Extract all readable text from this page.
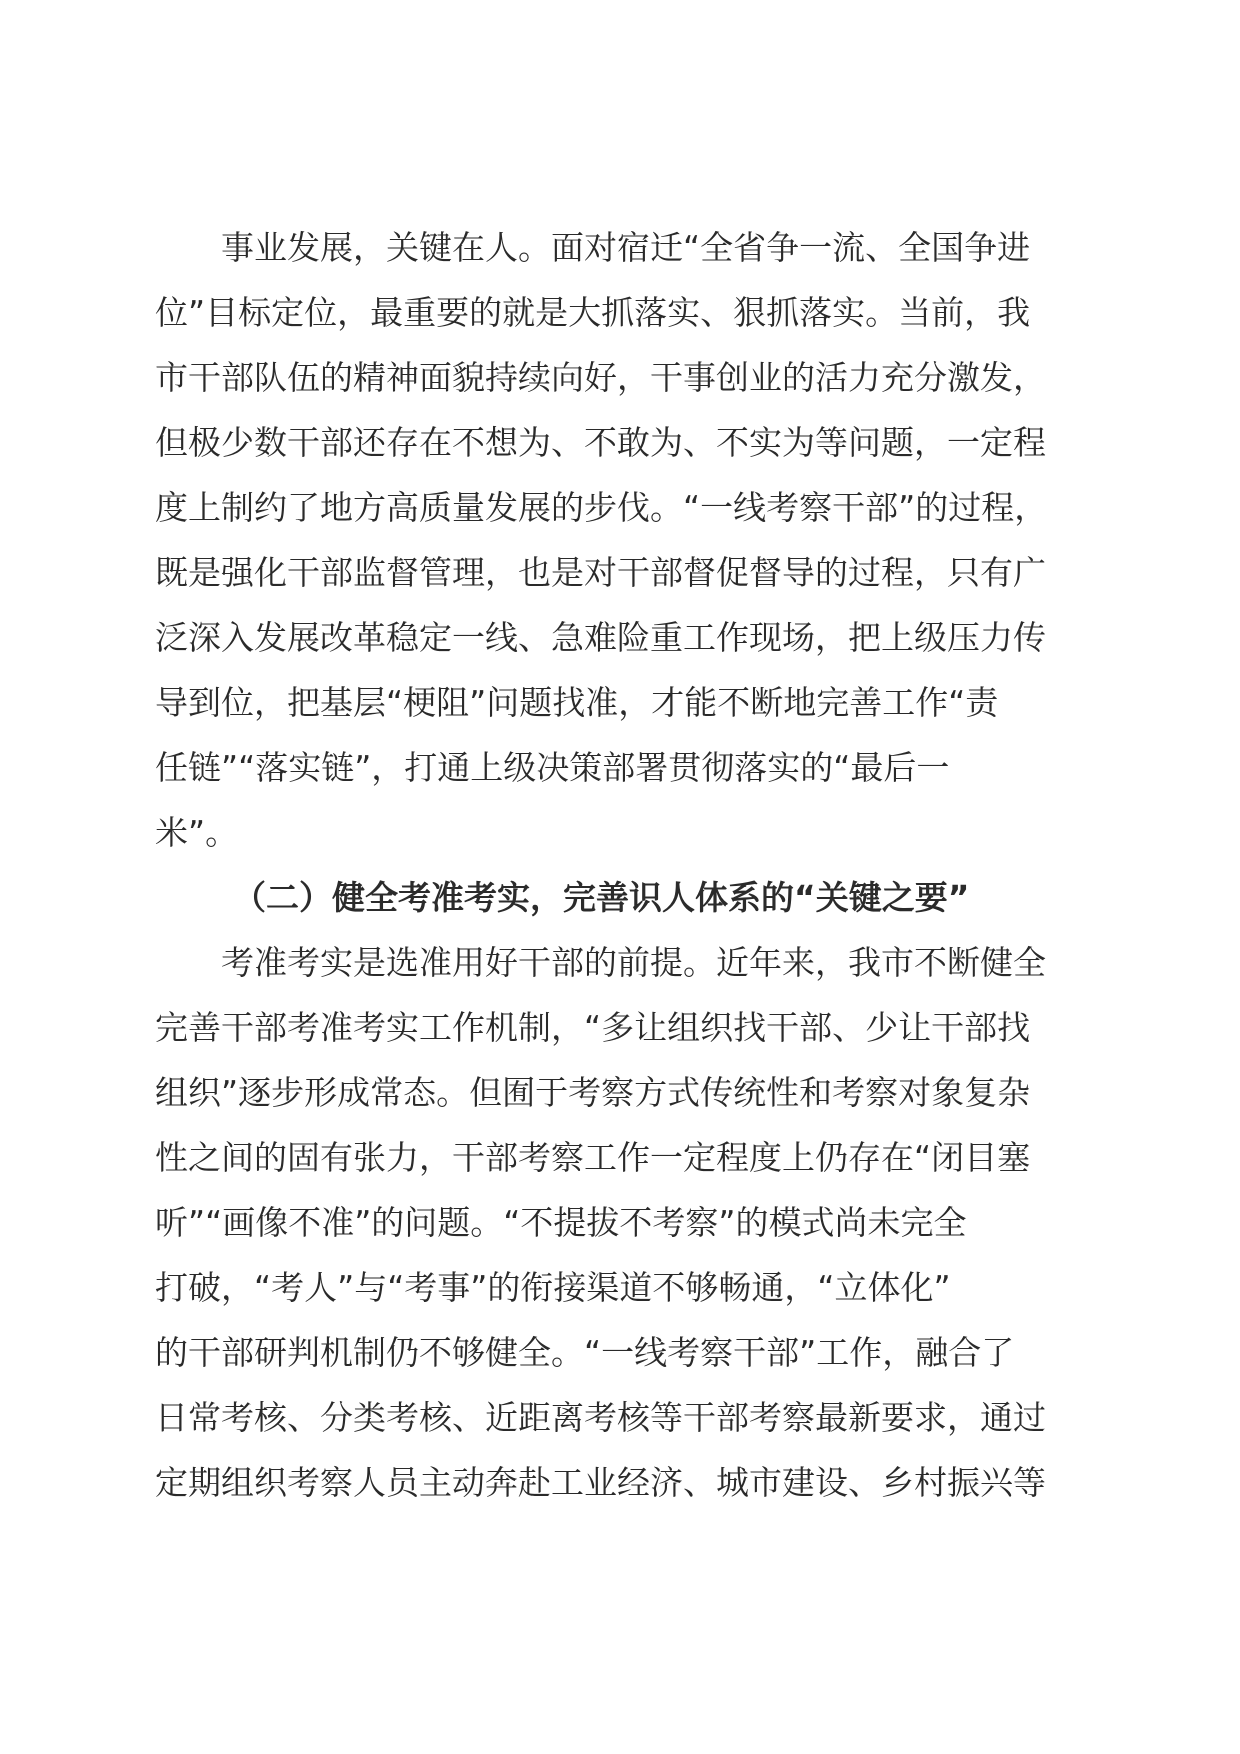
事业发展，关键在人。面对宿迁“全省争一流、全国争进
位”目标定位，最重要的就是大抓落实、狠抓落实。当前，我
市干部队伍的精神面貌持续向好，干事创业的活力充分激发，
但极少数干部还存在不想为、不敢为、不实为等问题，一定程
度上制约了地方高质量发展的步伐。“一线考察干部”的过程，
既是强化干部监督管理，也是对干部督促督导的过程，只有广
泛深入发展改革稳定一线、急难险重工作现场，把上级压力传
导到位，把基层“梗阻”问题找准，才能不断地完善工作“责
任链”“落实链”，打通上级决策部署贯彻落实的“最后一
米”。
（二）健全考准考实，完善识人体系的“关键之要”
考准考实是选准用好干部的前提。近年来，我市不断健全
完善干部考准考实工作机制，“多让组织找干部、少让干部找
组织”逐步形成常态。但囿于考察方式传统性和考察对象复杂
性之间的固有张力，干部考察工作一定程度上仍存在“闭目塞
听”“画像不准”的问题。“不提拔不考察”的模式尚未完全
打破，“考人”与“考事”的衔接渠道不够畅通，“立体化”
的干部研判机制仍不够健全。“一线考察干部”工作，融合了
日常考核、分类考核、近距离考核等干部考察最新要求，通过
定期组织考察人员主动奔赴工业经济、城市建设、乡村振兴等
